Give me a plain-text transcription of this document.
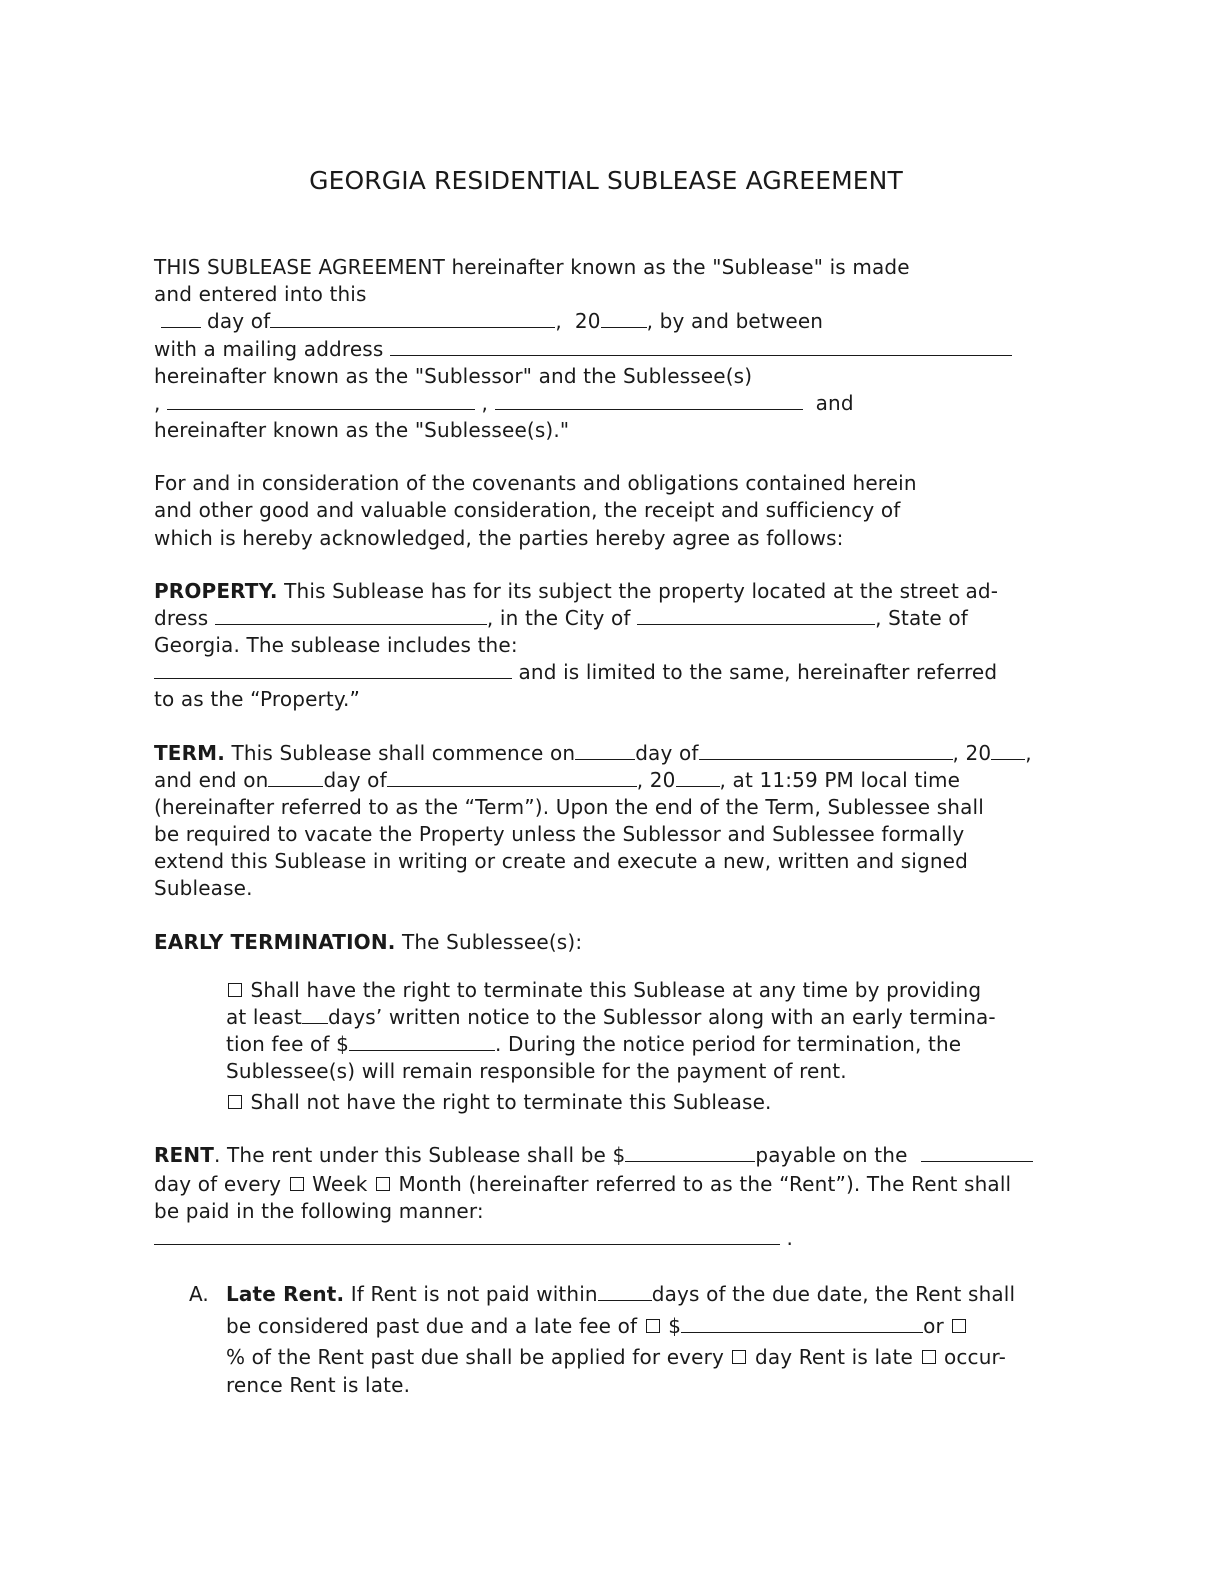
GEORGIA RESIDENTIAL SUBLEASE AGREEMENT
THIS SUBLEASE AGREEMENT hereinafter known as the "Sublease" is made
and entered into this
day of	,  20 , by and between
with a mailing address
hereinafter known as the "Sublessor" and the Sublessee(s)
,	,	and
hereinafter known as the "Sublessee(s)."
For and in consideration of the covenants and obligations contained herein
and other good and valuable consideration, the receipt and sufficiency of
which is hereby acknowledged, the parties hereby agree as follows:
PROPERTY. This Sublease has for its subject the property located at the street ad-
dress	, in the City of	, State of
Georgia. The sublease includes the:
and is limited to the same, hereinafter referred
to as the “Property.”
TERM. This Sublease shall commence on	day of	, 20 ,
and end on	day of	, 20 , at 11:59 PM local time
(hereinafter referred to as the “Term”). Upon the end of the Term, Sublessee shall
be required to vacate the Property unless the Sublessor and Sublessee formally
extend this Sublease in writing or create and execute a new, written and signed
Sublease.
EARLY TERMINATION. The Sublessee(s):
Shall have the right to terminate this Sublease at any time by providing
at least days’ written notice to the Sublessor along with an early termina-
tion fee of $	. During the notice period for termination, the
Sublessee(s) will remain responsible for the payment of rent.
Shall not have the right to terminate this Sublease.
RENT. The rent under this Sublease shall be $	payable on the
day of every  Week  Month (hereinafter referred to as the “Rent”). The Rent shall
be paid in the following manner:
.
A. Late Rent. If Rent is not paid within	days of the due date, the Rent shall
be considered past due and a late fee of  $	or
% of the Rent past due shall be applied for every  day Rent is late  occur-
rence Rent is late.
